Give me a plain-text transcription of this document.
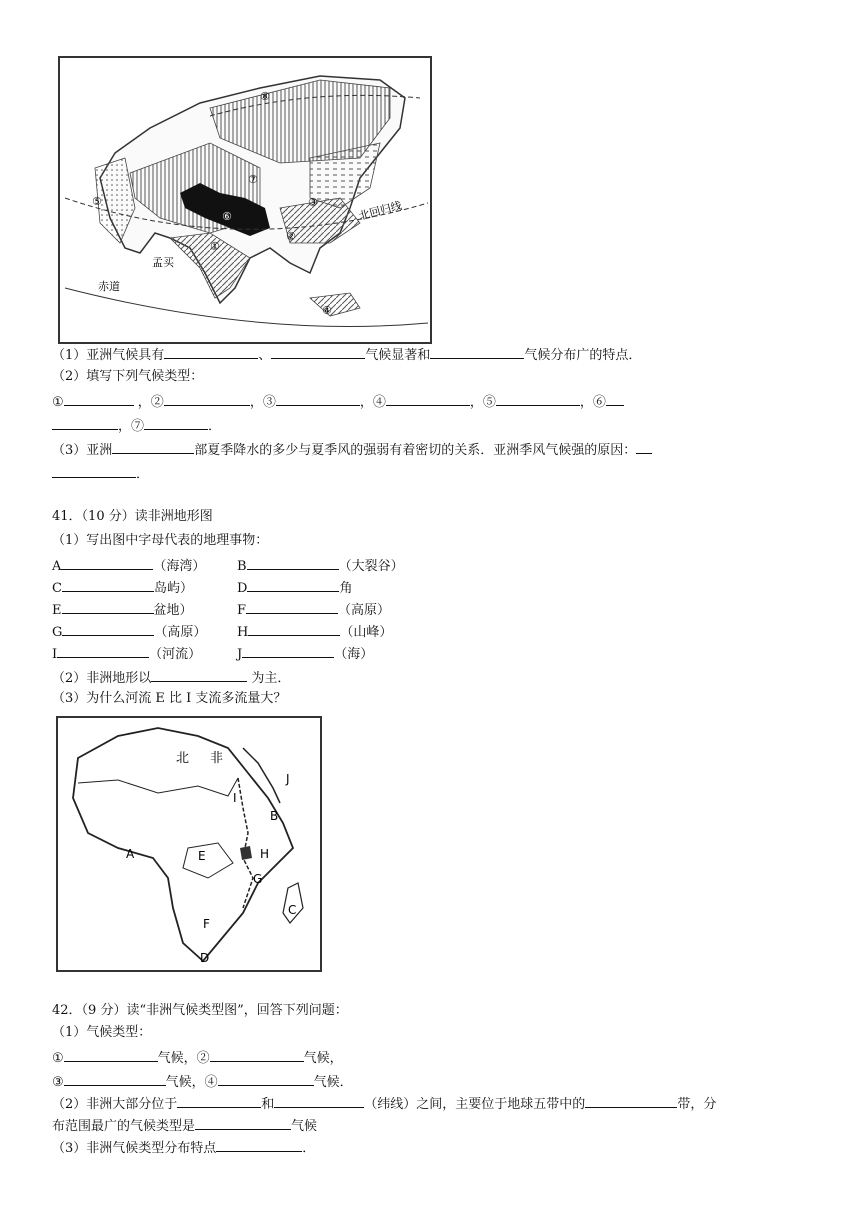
①
②
③
④
⑤
⑥
⑦
⑧
北回归线
孟买
赤道
（1）亚洲气候具有	、	气候显著和	气候分布广的特点．
（2）填写下列气候类型：
①	，②	，③	，④	，⑤	，⑥
，⑦	．
（3）亚洲	部夏季降水的多少与夏季风的强弱有着密切的关系．亚洲季风气候强的原因：
．
41．（10 分）读非洲地形图
（1）写出图中字母代表的地理事物：
A	（海湾） B	（大裂谷）
C	岛屿）	D	角
E	盆地）	F	（高原）
G	（高原） H	（山峰）
I	（河流）	J	（海）
（2）非洲地形以	为主．
（3）为什么河流 E 比 I 支流多流量大？
北 非
A
B
C
D
E
F
G
H
I
J
42．（9 分）读“非洲气候类型图”，回答下列问题：
（1）气候类型：
①	气候，②	气候，
③	气候，④	气候．
（2）非洲大部分位于	和	（纬线）之间，主要位于地球五带中的	带，分
布范围最广的气候类型是	气候
（3）非洲气候类型分布特点	．
